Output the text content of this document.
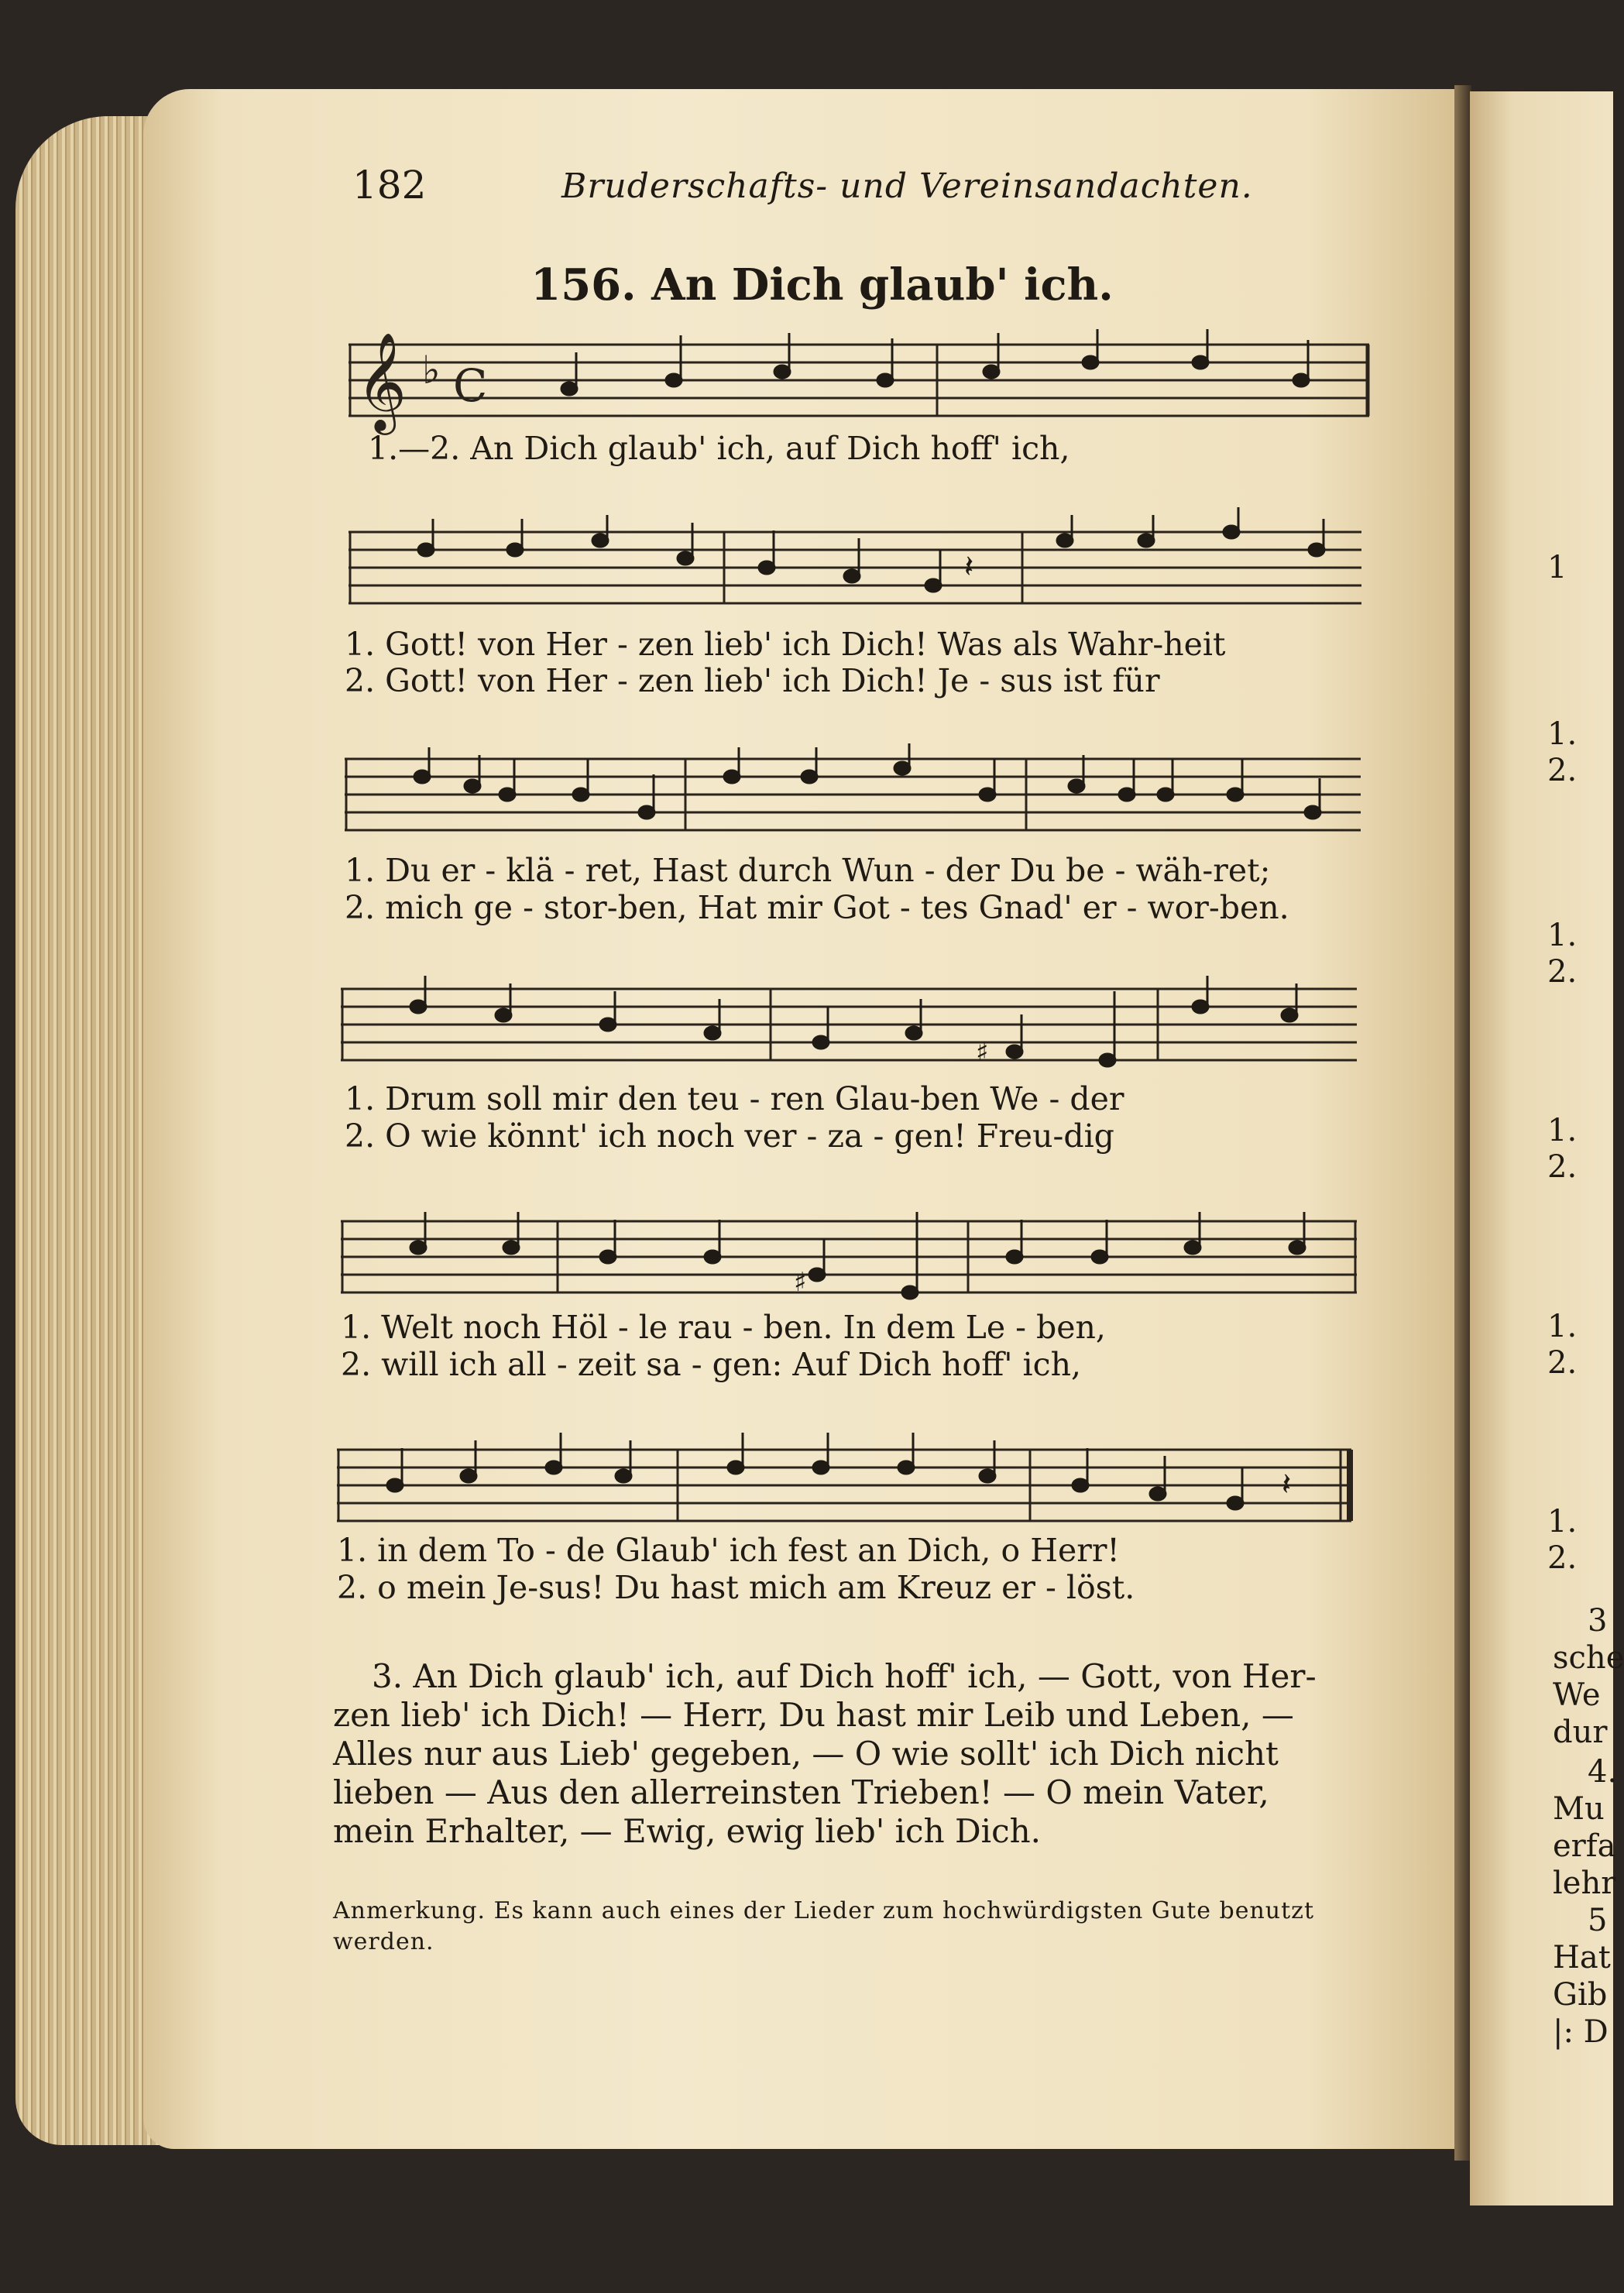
182	Bruderschafts- und Vereinsandachten.
156. An Dich glaub' ich.
𝄞 ♭ C
1.—2. An Dich glaub' ich, auf Dich hoff' ich,
𝄽
1. Gott! von Her - zen lieb' ich Dich! Was als Wahr-heit
2. Gott! von Her - zen lieb' ich Dich! Je - sus ist für
1. Du er - klä - ret, Hast durch Wun - der Du be - wäh-ret;
2. mich ge - stor-ben, Hat mir Got - tes Gnad' er - wor-ben.
♯
1. Drum soll mir den teu - ren Glau-ben We - der
2. O wie könnt' ich noch ver - za - gen! Freu-dig
♯
1. Welt noch Höl - le rau - ben. In dem Le - ben,
2. will ich all - zeit sa - gen: Auf Dich hoff' ich,
𝄽
1. in dem To - de Glaub' ich fest an Dich, o Herr!
2. o mein Je-sus! Du hast mich am Kreuz er - löst.

3. An Dich glaub' ich, auf Dich hoff' ich, — Gott, von Her-

zen lieb' ich Dich! — Herr, Du hast mir Leib und Leben, —

Alles nur aus Lieb' gegeben, — O wie sollt' ich Dich nicht

lieben — Aus den allerreinsten Trieben! — O mein Vater,

mein Erhalter, — Ewig, ewig lieb' ich Dich.

Anmerkung. Es kann auch eines der Lieder zum hochwürdigsten Gute benutzt
werden.
1
1.
2.
1.
2.
1.
2.
1.
2.
1.
2.
3
sche
We
dur
4.
Mu
erfa
lehr
5
Hat
Gib
|: D
